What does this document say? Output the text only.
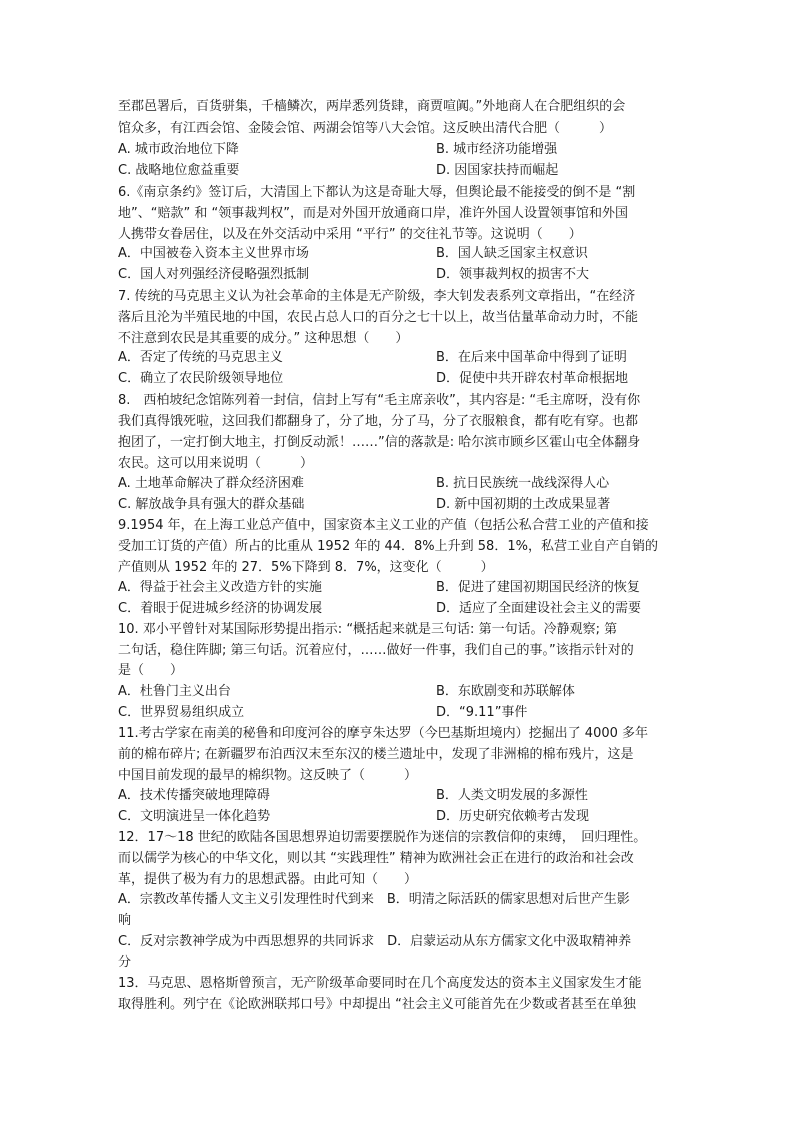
至郡邑署后，百货骈集，千樯鳞次，两岸悉列货肆，商贾喧阗。”外地商人在合肥组织的会
馆众多，有江西会馆、金陵会馆、两湖会馆等八大会馆。这反映出清代合肥（　　　）
A. 城市政治地位下降	B. 城市经济功能增强
C. 战略地位愈益重要	D. 因国家扶持而崛起
6.《南京条约》签订后，大清国上下都认为这是奇耻大辱，但舆论最不能接受的倒不是 “割
地”、“赔款” 和 “领事裁判权”，而是对外国开放通商口岸，准许外国人设置领事馆和外国
人携带女眷居住，以及在外交活动中采用 “平行” 的交往礼节等。这说明（　　）
A．中国被卷入资本主义世界市场	B．国人缺乏国家主权意识
C．国人对列强经济侵略强烈抵制	D．领事裁判权的损害不大
7. 传统的马克思主义认为社会革命的主体是无产阶级，李大钊发表系列文章指出，“在经济
落后且沦为半殖民地的中国，农民占总人口的百分之七十以上，故当估量革命动力时，不能
不注意到农民是其重要的成分。” 这种思想（　　）
A．否定了传统的马克思主义	B．在后来中国革命中得到了证明
C．确立了农民阶级领导地位	D．促使中共开辟农村革命根据地
8.　西柏坡纪念馆陈列着一封信，信封上写有“毛主席亲收”，其内容是: “毛主席呀，没有你
我们真得饿死啦，这回我们都翻身了，分了地，分了马，分了衣服粮食，都有吃有穿。也都
抱团了，一定打倒大地主，打倒反动派！……”信的落款是: 哈尔滨市顾乡区霍山屯全体翻身
农民。这可以用来说明（　　　）
A. 土地革命解决了群众经济困难	B. 抗日民族统一战线深得人心
C. 解放战争具有强大的群众基础	D. 新中国初期的土改成果显著
9.1954 年，在上海工业总产值中，国家资本主义工业的产值（包括公私合营工业的产值和接
受加工订货的产值）所占的比重从 1952 年的 44．8%上升到 58．1%，私营工业自产自销的
产值则从 1952 年的 27．5%下降到 8．7%，这变化（　　　）
A．得益于社会主义改造方针的实施	B．促进了建国初期国民经济的恢复
C．着眼于促进城乡经济的协调发展	D．适应了全面建设社会主义的需要
10. 邓小平曾针对某国际形势提出指示: “概括起来就是三句话: 第一句话。冷静观察; 第
二句话，稳住阵脚; 第三句话。沉着应付，……做好一件事，我们自己的事。”该指示针对的
是（　　）
A．杜鲁门主义出台	B．东欧剧变和苏联解体
C．世界贸易组织成立	D．“9.11”事件
11.考古学家在南美的秘鲁和印度河谷的摩亨朱达罗（今巴基斯坦境内）挖掘出了 4000 多年
前的棉布碎片; 在新疆罗布泊西汉末至东汉的楼兰遗址中，发现了非洲棉的棉布残片，这是
中国目前发现的最早的棉织物。这反映了（　　　）
A．技术传播突破地理障碍	B．人类文明发展的多源性
C．文明演进呈一体化趋势	D．历史研究依赖考古发现
12．17～18 世纪的欧陆各国思想界迫切需要摆脱作为迷信的宗教信仰的束缚，　回归理性。
而以儒学为核心的中华文化，则以其 “实践理性” 精神为欧洲社会正在进行的政治和社会改
革，提供了极为有力的思想武器。由此可知（　　）
A．宗教改革传播人文主义引发理性时代到来　B．明清之际活跃的儒家思想对后世产生影
响
C．反对宗教神学成为中西思想界的共同诉求　D．启蒙运动从东方儒家文化中汲取精神养
分
13．马克思、恩格斯曾预言，无产阶级革命要同时在几个高度发达的资本主义国家发生才能
取得胜利。列宁在《论欧洲联邦口号》中却提出 “社会主义可能首先在少数或者甚至在单独
